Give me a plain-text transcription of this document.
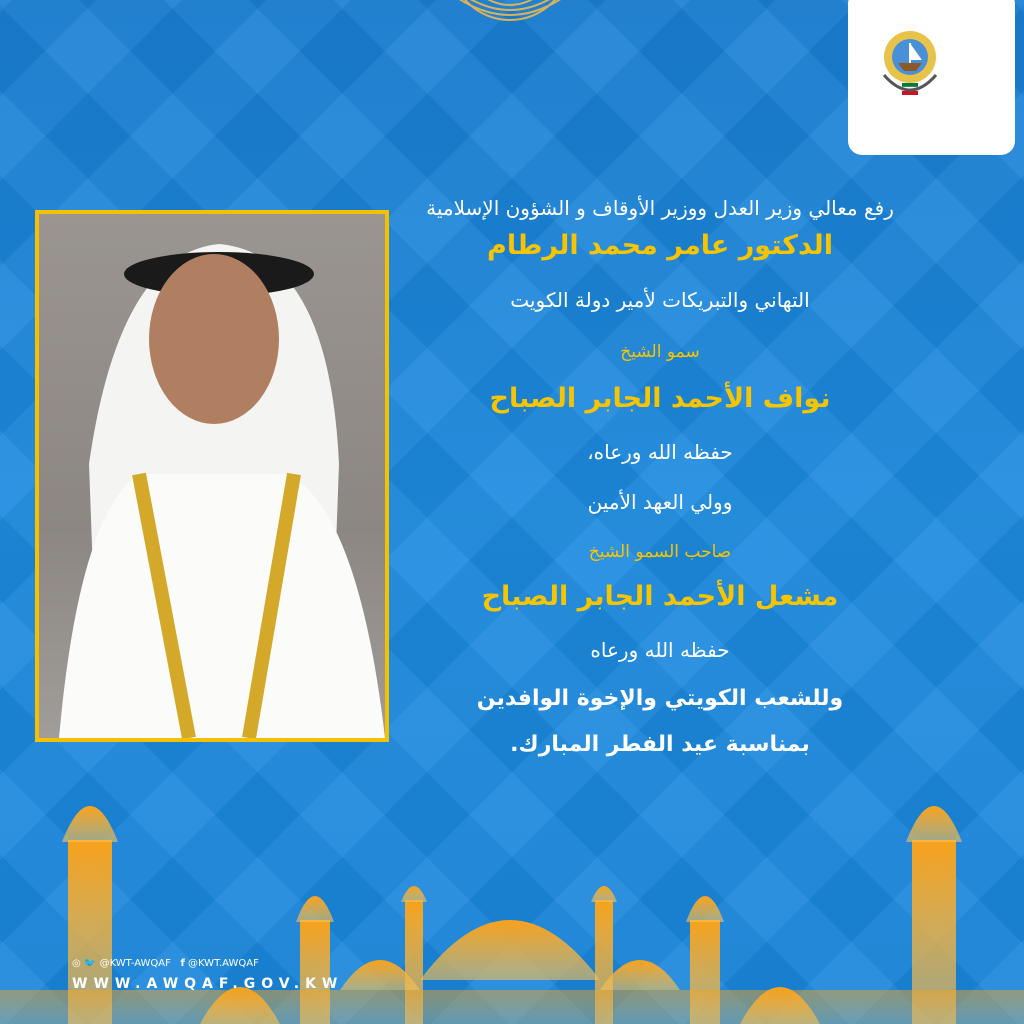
رفع معالي وزير العدل ووزير الأوقاف و الشؤون الإسلامية
الدكتور عامر محمد الرطام
التهاني والتبريكات لأمير دولة الكويت
سمو الشيخ
نواف الأحمد الجابر الصباح
حفظه الله ورعاه،
وولي العهد الأمين
صاحب السمو الشيخ
مشعل الأحمد الجابر الصباح
حفظه الله ورعاه
وللشعب الكويتي والإخوة الوافدين
بمناسبة عيد الفطر المبارك.
◎ 🐦 @KWT-AWQAF f @KWT.AWQAF
WWW.AWQAF.GOV.KW
